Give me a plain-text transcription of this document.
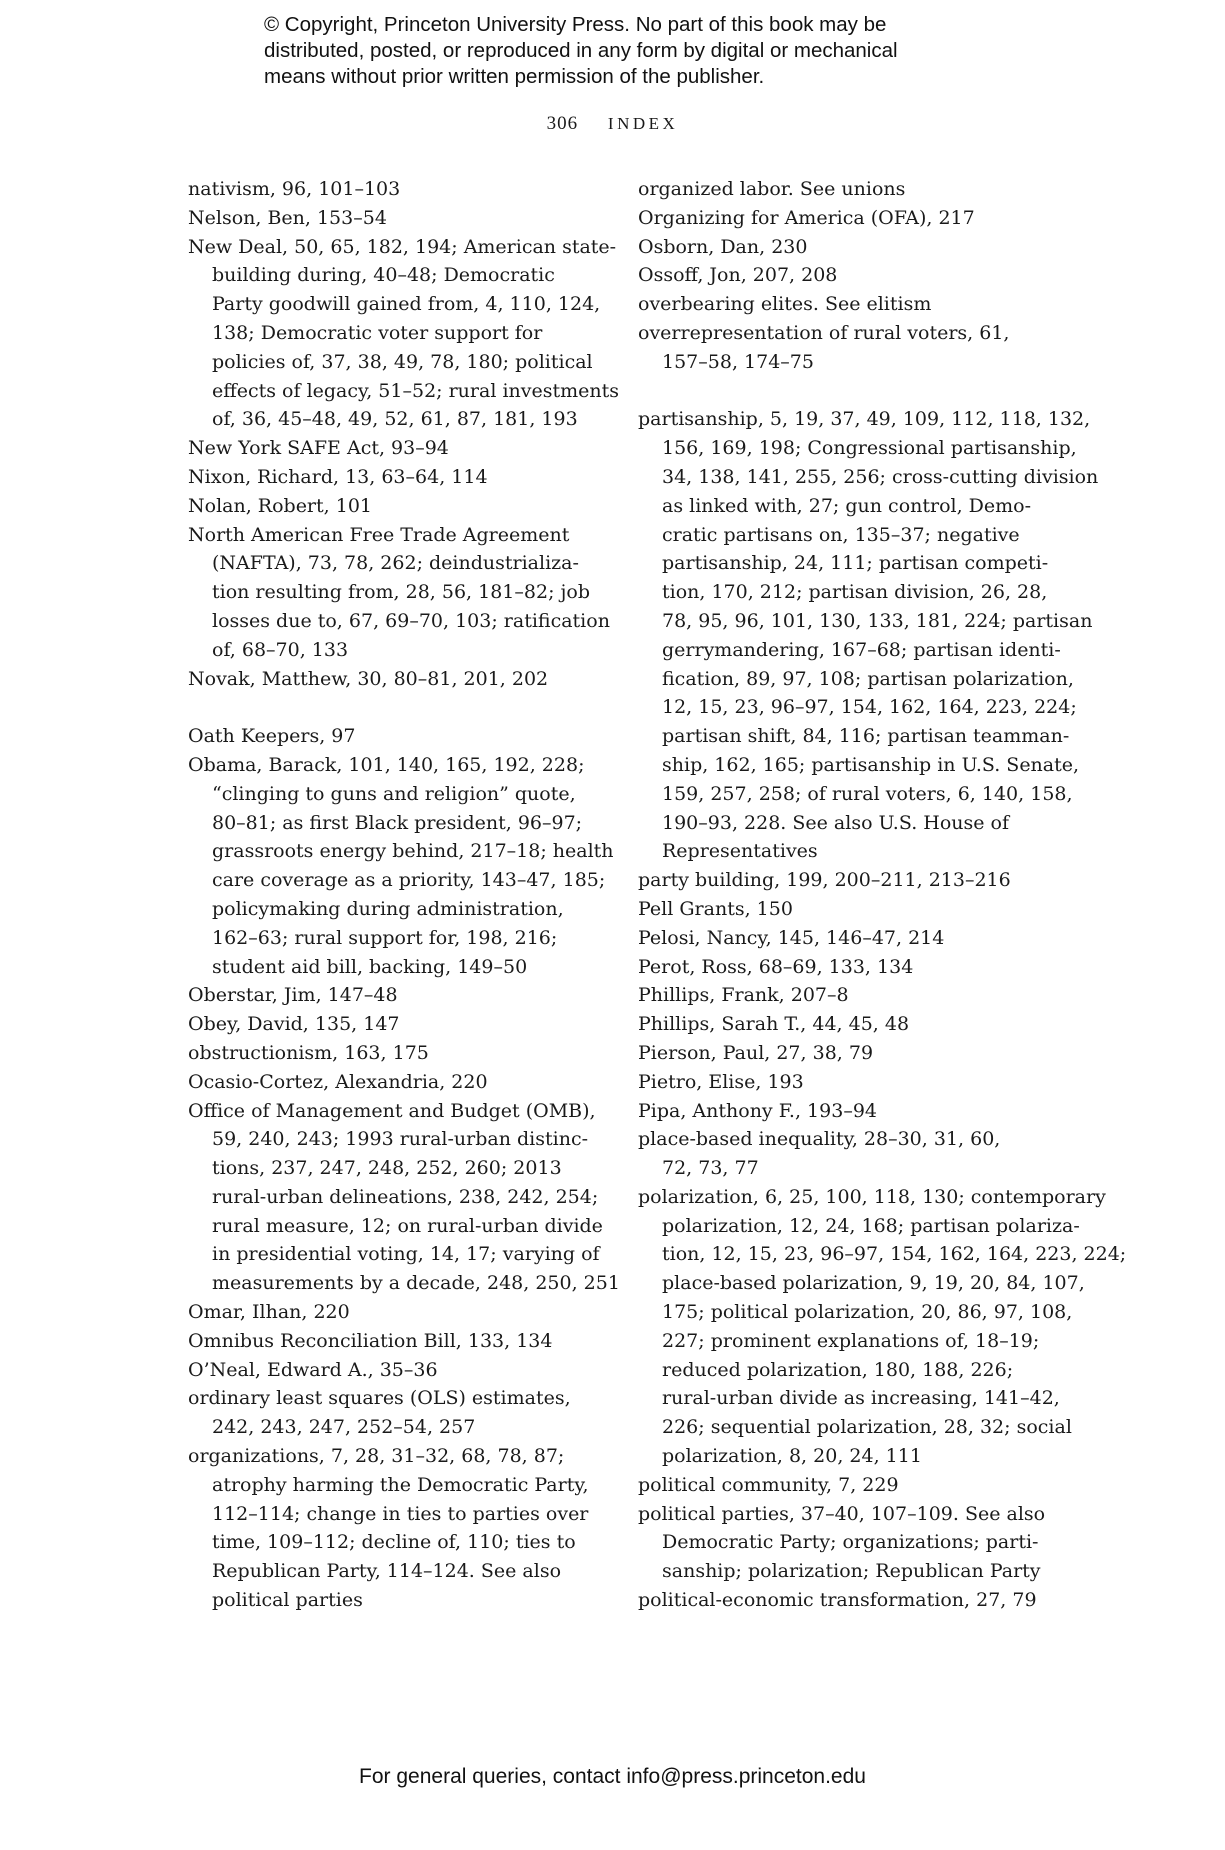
© Copyright, Princeton University Press. No part of this book may be
distributed, posted, or reproduced in any form by digital or mechanical
means without prior written permission of the publisher.
306 INDEX

nativism, 96, 101–103

Nelson, Ben, 153–54

New Deal, 50, 65, 182, 194; American state-building during, 40–48; DemocraticParty goodwill gained from, 4, 110, 124,138; Democratic voter support forpolicies of, 37, 38, 49, 78, 180; politicaleffects of legacy, 51–52; rural investmentsof, 36, 45–48, 49, 52, 61, 87, 181, 193

New York SAFE Act, 93–94

Nixon, Richard, 13, 63–64, 114

Nolan, Robert, 101

North American Free Trade Agreement(NAFTA), 73, 78, 262; deindustrializa-tion resulting from, 28, 56, 181–82; joblosses due to, 67, 69–70, 103; ratificationof, 68–70, 133

Novak, Matthew, 30, 80–81, 201, 202

Oath Keepers, 97

Obama, Barack, 101, 140, 165, 192, 228;“clinging to guns and religion” quote,80–81; as first Black president, 96–97;grassroots energy behind, 217–18; healthcare coverage as a priority, 143–47, 185;policymaking during administration,162–63; rural support for, 198, 216;student aid bill, backing, 149–50

Oberstar, Jim, 147–48

Obey, David, 135, 147

obstructionism, 163, 175

Ocasio-Cortez, Alexandria, 220

Office of Management and Budget (OMB),59, 240, 243; 1993 rural-urban distinc-tions, 237, 247, 248, 252, 260; 2013rural-urban delineations, 238, 242, 254;rural measure, 12; on rural-urban dividein presidential voting, 14, 17; varying ofmeasurements by a decade, 248, 250, 251

Omar, Ilhan, 220

Omnibus Reconciliation Bill, 133, 134

O’Neal, Edward A., 35–36

ordinary least squares (OLS) estimates,242, 243, 247, 252–54, 257

organizations, 7, 28, 31–32, 68, 78, 87;atrophy harming the Democratic Party,112–114; change in ties to parties overtime, 109–112; decline of, 110; ties toRepublican Party, 114–124. See alsopolitical parties

organized labor. See unions

Organizing for America (OFA), 217

Osborn, Dan, 230

Ossoff, Jon, 207, 208

overbearing elites. See elitism

overrepresentation of rural voters, 61,157–58, 174–75

partisanship, 5, 19, 37, 49, 109, 112, 118, 132,156, 169, 198; Congressional partisanship,34, 138, 141, 255, 256; cross-cutting divisionas linked with, 27; gun control, Demo-cratic partisans on, 135–37; negativepartisanship, 24, 111; partisan competi-tion, 170, 212; partisan division, 26, 28,78, 95, 96, 101, 130, 133, 181, 224; partisangerrymandering, 167–68; partisan identi-fication, 89, 97, 108; partisan polarization,12, 15, 23, 96–97, 154, 162, 164, 223, 224;partisan shift, 84, 116; partisan teamman-ship, 162, 165; partisanship in U.S. Senate,159, 257, 258; of rural voters, 6, 140, 158,190–93, 228. See also U.S. House ofRepresentatives

party building, 199, 200–211, 213–216

Pell Grants, 150

Pelosi, Nancy, 145, 146–47, 214

Perot, Ross, 68–69, 133, 134

Phillips, Frank, 207–8

Phillips, Sarah T., 44, 45, 48

Pierson, Paul, 27, 38, 79

Pietro, Elise, 193

Pipa, Anthony F., 193–94

place-based inequality, 28–30, 31, 60,72, 73, 77

polarization, 6, 25, 100, 118, 130; contemporarypolarization, 12, 24, 168; partisan polariza-tion, 12, 15, 23, 96–97, 154, 162, 164, 223, 224;place-based polarization, 9, 19, 20, 84, 107,175; political polarization, 20, 86, 97, 108,227; prominent explanations of, 18–19;reduced polarization, 180, 188, 226;rural-urban divide as increasing, 141–42,226; sequential polarization, 28, 32; socialpolarization, 8, 20, 24, 111

political community, 7, 229

political parties, 37–40, 107–109. See alsoDemocratic Party; organizations; parti-sanship; polarization; Republican Party

political-economic transformation, 27, 79

For general queries, contact info@press.princeton.edu
